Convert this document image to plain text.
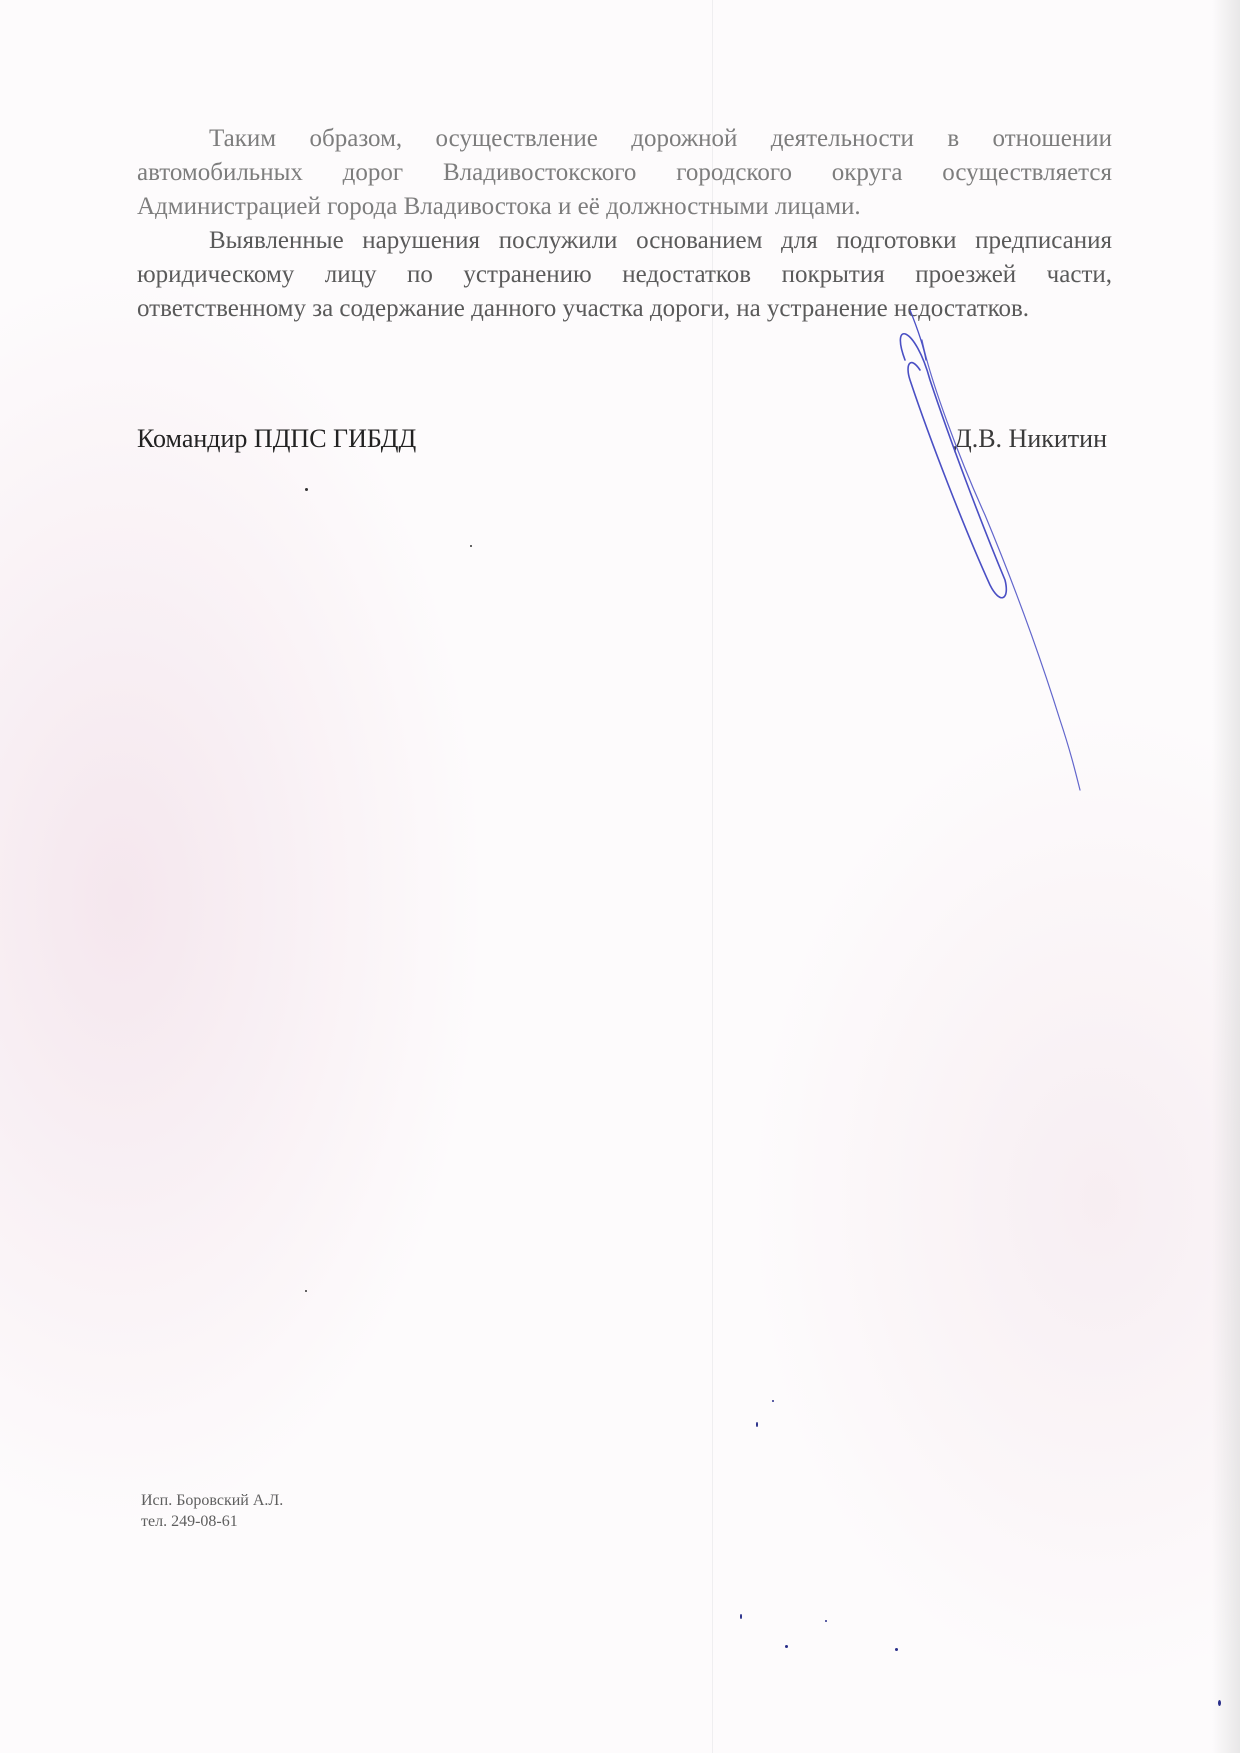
Таким образом, осуществление дорожной деятельности в отношении автомобильных дорог Владивостокского городского округа осуществляется Администрацией города Владивостока и её должностными лицами.

Выявленные нарушения послужили основанием для подготовки предписания юридическому лицу по устранению недостатков покрытия проезжей части, ответственному за содержание данного участка дороги, на устранение недостатков.

Командир ПДПС ГИБДД	Д.В. Никитин
Исп. Боровский А.Л.
тел. 249-08-61
